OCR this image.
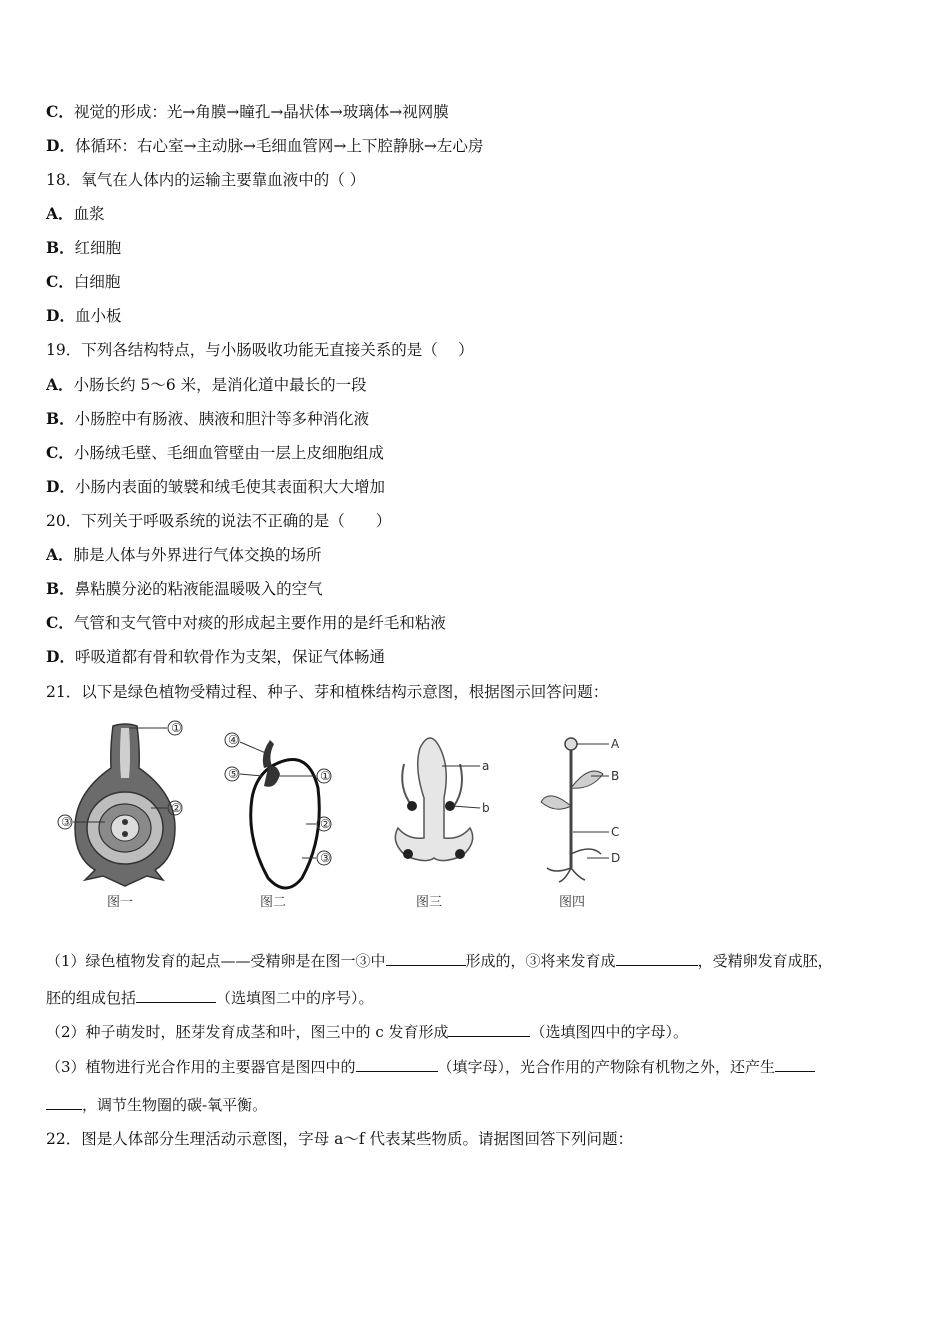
C．视觉的形成：光→角膜→瞳孔→晶状体→玻璃体→视网膜
D．体循环：右心室→主动脉→毛细血管网→上下腔静脉→左心房
18．氧气在人体内的运输主要靠血液中的（ ）
A．血浆
B．红细胞
C．白细胞
D．血小板
19．下列各结构特点，与小肠吸收功能无直接关系的是（　 ）
A．小肠长约 5～6 米，是消化道中最长的一段
B．小肠腔中有肠液、胰液和胆汁等多种消化液
C．小肠绒毛壁、毛细血管壁由一层上皮细胞组成
D．小肠内表面的皱襞和绒毛使其表面积大大增加
20．下列关于呼吸系统的说法不正确的是（　　）
A．肺是人体与外界进行气体交换的场所
B．鼻粘膜分泌的粘液能温暖吸入的空气
C．气管和支气管中对痰的形成起主要作用的是纤毛和粘液
D．呼吸道都有骨和软骨作为支架，保证气体畅通
21．以下是绿色植物受精过程、种子、芽和植株结构示意图，根据图示回答问题：
①
②
③
图一
④
⑤	①
②
③
图二
a
b
图三
A
B
C
D
图四
（1）绿色植物发育的起点——受精卵是在图一③中	形成的，③将来发育成	，受精卵发育成胚，
胚的组成包括	（选填图二中的序号）。
（2）种子萌发时，胚芽发育成茎和叶，图三中的 c 发育形成	（选填图四中的字母）。
（3）植物进行光合作用的主要器官是图四中的	（填字母），光合作用的产物除有机物之外，还产生
，调节生物圈的碳-氧平衡。
22．图是人体部分生理活动示意图，字母 a～f 代表某些物质。请据图回答下列问题：
